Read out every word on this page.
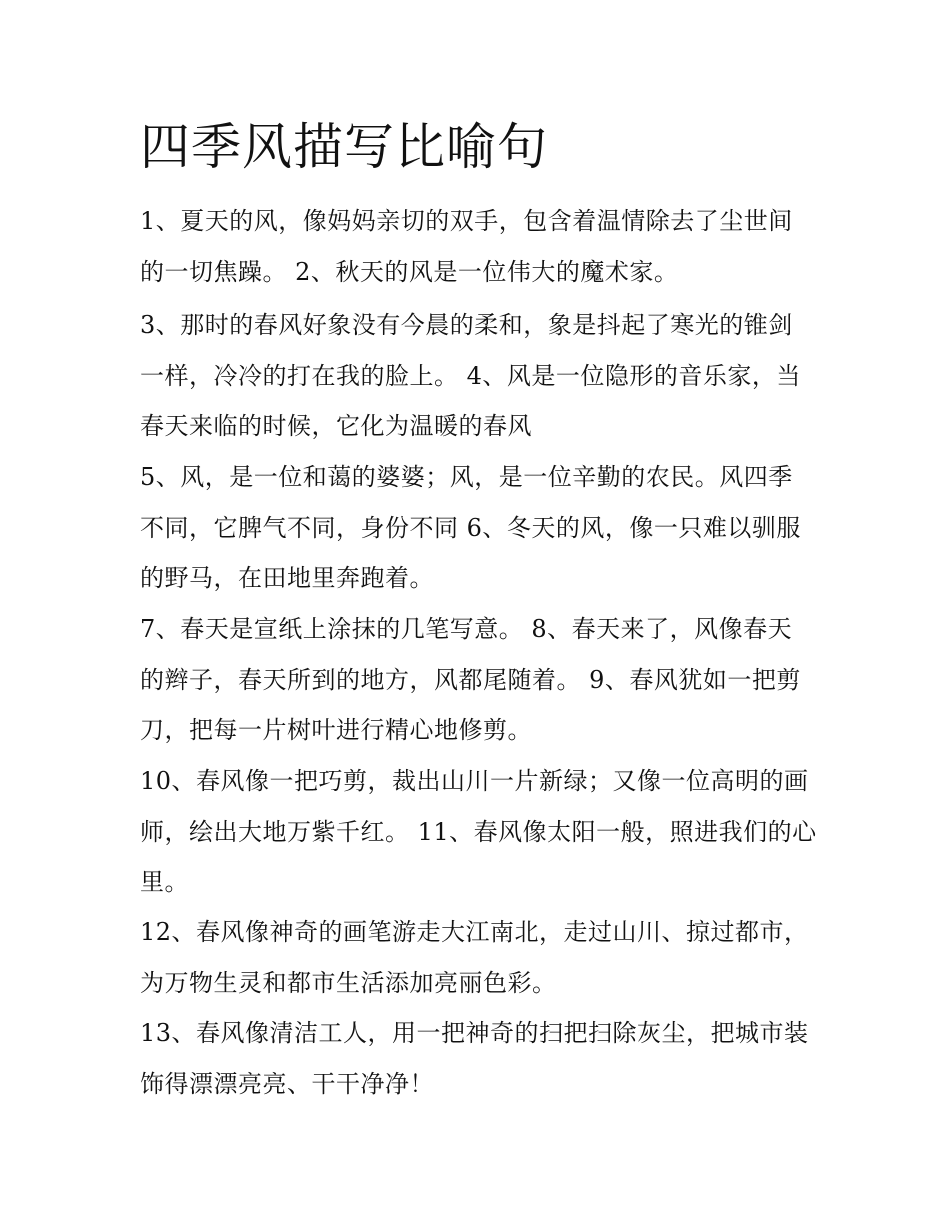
四季风描写比喻句
1、夏天的风，像妈妈亲切的双手，包含着温情除去了尘世间
的一切焦躁。 2、秋天的风是一位伟大的魔术家。
3、那时的春风好象没有今晨的柔和，象是抖起了寒光的锥剑
一样，冷冷的打在我的脸上。 4、风是一位隐形的音乐家，当
春天来临的时候，它化为温暖的春风
5、风，是一位和蔼的婆婆；风，是一位辛勤的农民。风四季
不同，它脾气不同，身份不同 6、冬天的风，像一只难以驯服
的野马，在田地里奔跑着。
7、春天是宣纸上涂抹的几笔写意。 8、春天来了，风像春天
的辫子，春天所到的地方，风都尾随着。 9、春风犹如一把剪
刀，把每一片树叶进行精心地修剪。
10、春风像一把巧剪，裁出山川一片新绿；又像一位高明的画
师，绘出大地万紫千红。 11、春风像太阳一般，照进我们的心
里。
12、春风像神奇的画笔游走大江南北，走过山川、掠过都市，
为万物生灵和都市生活添加亮丽色彩。
13、春风像清洁工人，用一把神奇的扫把扫除灰尘，把城市装
饰得漂漂亮亮、干干净净！
